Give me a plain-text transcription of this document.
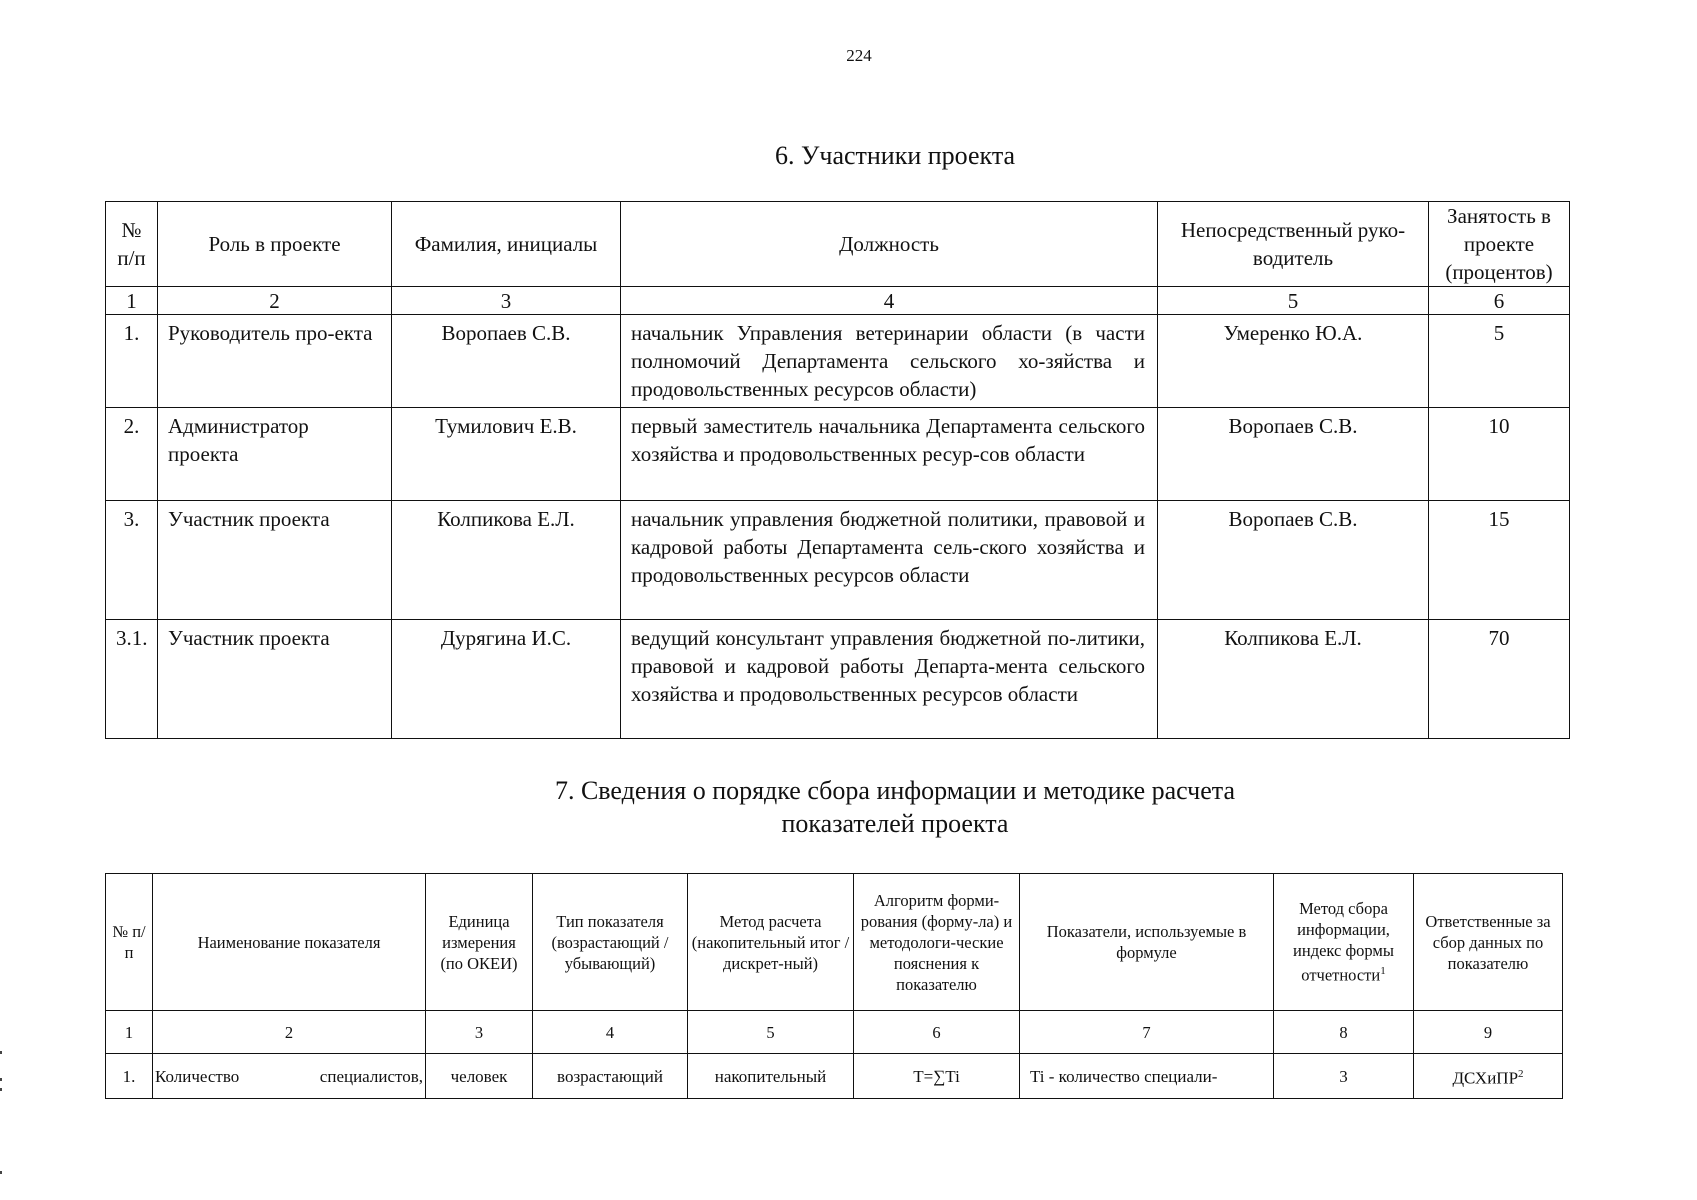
224
6. Участники проекта
№ п/п	Роль в проекте	Фамилия, инициалы	Должность	Непосредственный руко-водитель	Занятость в проекте (процентов)
1	2	3	4	5	6
1.	Руководитель про-екта	Воропаев С.В.	начальник Управления ветеринарии области (в части полномочий Департамента сельского хо-зяйства и продовольственных ресурсов области)	Умеренко Ю.А.	5
2.	Администратор проекта	Тумилович Е.В.	первый заместитель начальника Департамента сельского хозяйства и продовольственных ресур-сов области	Воропаев С.В.	10
3.	Участник проекта	Колпикова Е.Л.	начальник управления бюджетной политики, правовой и кадровой работы Департамента сель-ского хозяйства и продовольственных ресурсов области	Воропаев С.В.	15
3.1.	Участник проекта	Дурягина И.С.	ведущий консультант управления бюджетной по-литики, правовой и кадровой работы Департа-мента сельского хозяйства и продовольственных ресурсов области	Колпикова Е.Л.	70
7. Сведения о порядке сбора информации и методике расчета
показателей проекта
№ п/п	Наименование показателя	Единица измерения (по ОКЕИ)	Тип показателя (возрастающий / убывающий)	Метод расчета (накопительный итог / дискрет-ный)	Алгоритм форми-рования (форму-ла) и методологи-ческие пояснения к показателю	Показатели, используемые в формуле	Метод сбора информации, индекс формы отчетности$^1$	Ответственные за сбор данных по показателю
1	2	3	4	5	6	7	8	9
1.	Количество специалистов,	человек	возрастающий	накопительный	T=∑Ti	Ti - количество специали-	3	ДСХиПР$^2$
